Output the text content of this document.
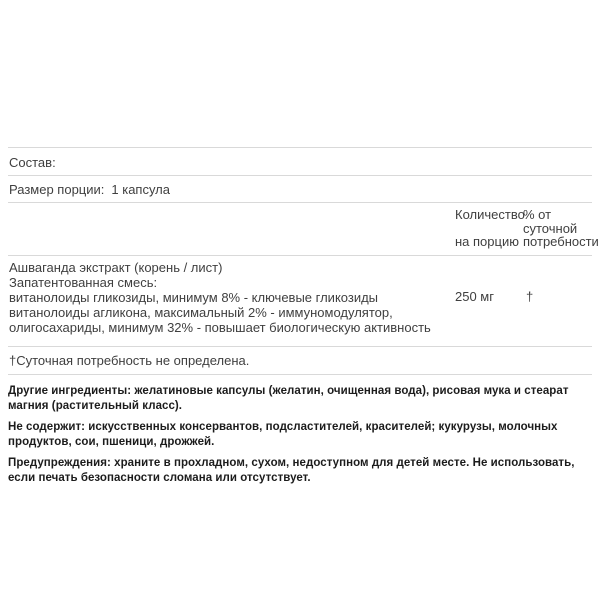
Состав:
Размер порции: 1 капсула
Количество
на порцию
% от
суточной
потребности
Ашваганда экстракт (корень / лист)
Запатентованная смесь:
витанолоиды гликозиды, минимум 8% - ключевые гликозиды витанолоиды агликона, максимальный 2% - иммуномодулятор, олигосахариды, минимум 32% - повышает биологическую активность
250 мг †
†Суточная потребность не определена.

Другие ингредиенты: желатиновые капсулы (желатин, очищенная вода), рисовая мука и стеарат магния (растительный класс).

Не содержит: искусственных консервантов, подсластителей, красителей; кукурузы, молочных продуктов, сои, пшеници, дрожжей.

Предупреждения: храните в прохладном, сухом, недоступном для детей месте. Не использовать, если печать безопасности сломана или отсутствует.
